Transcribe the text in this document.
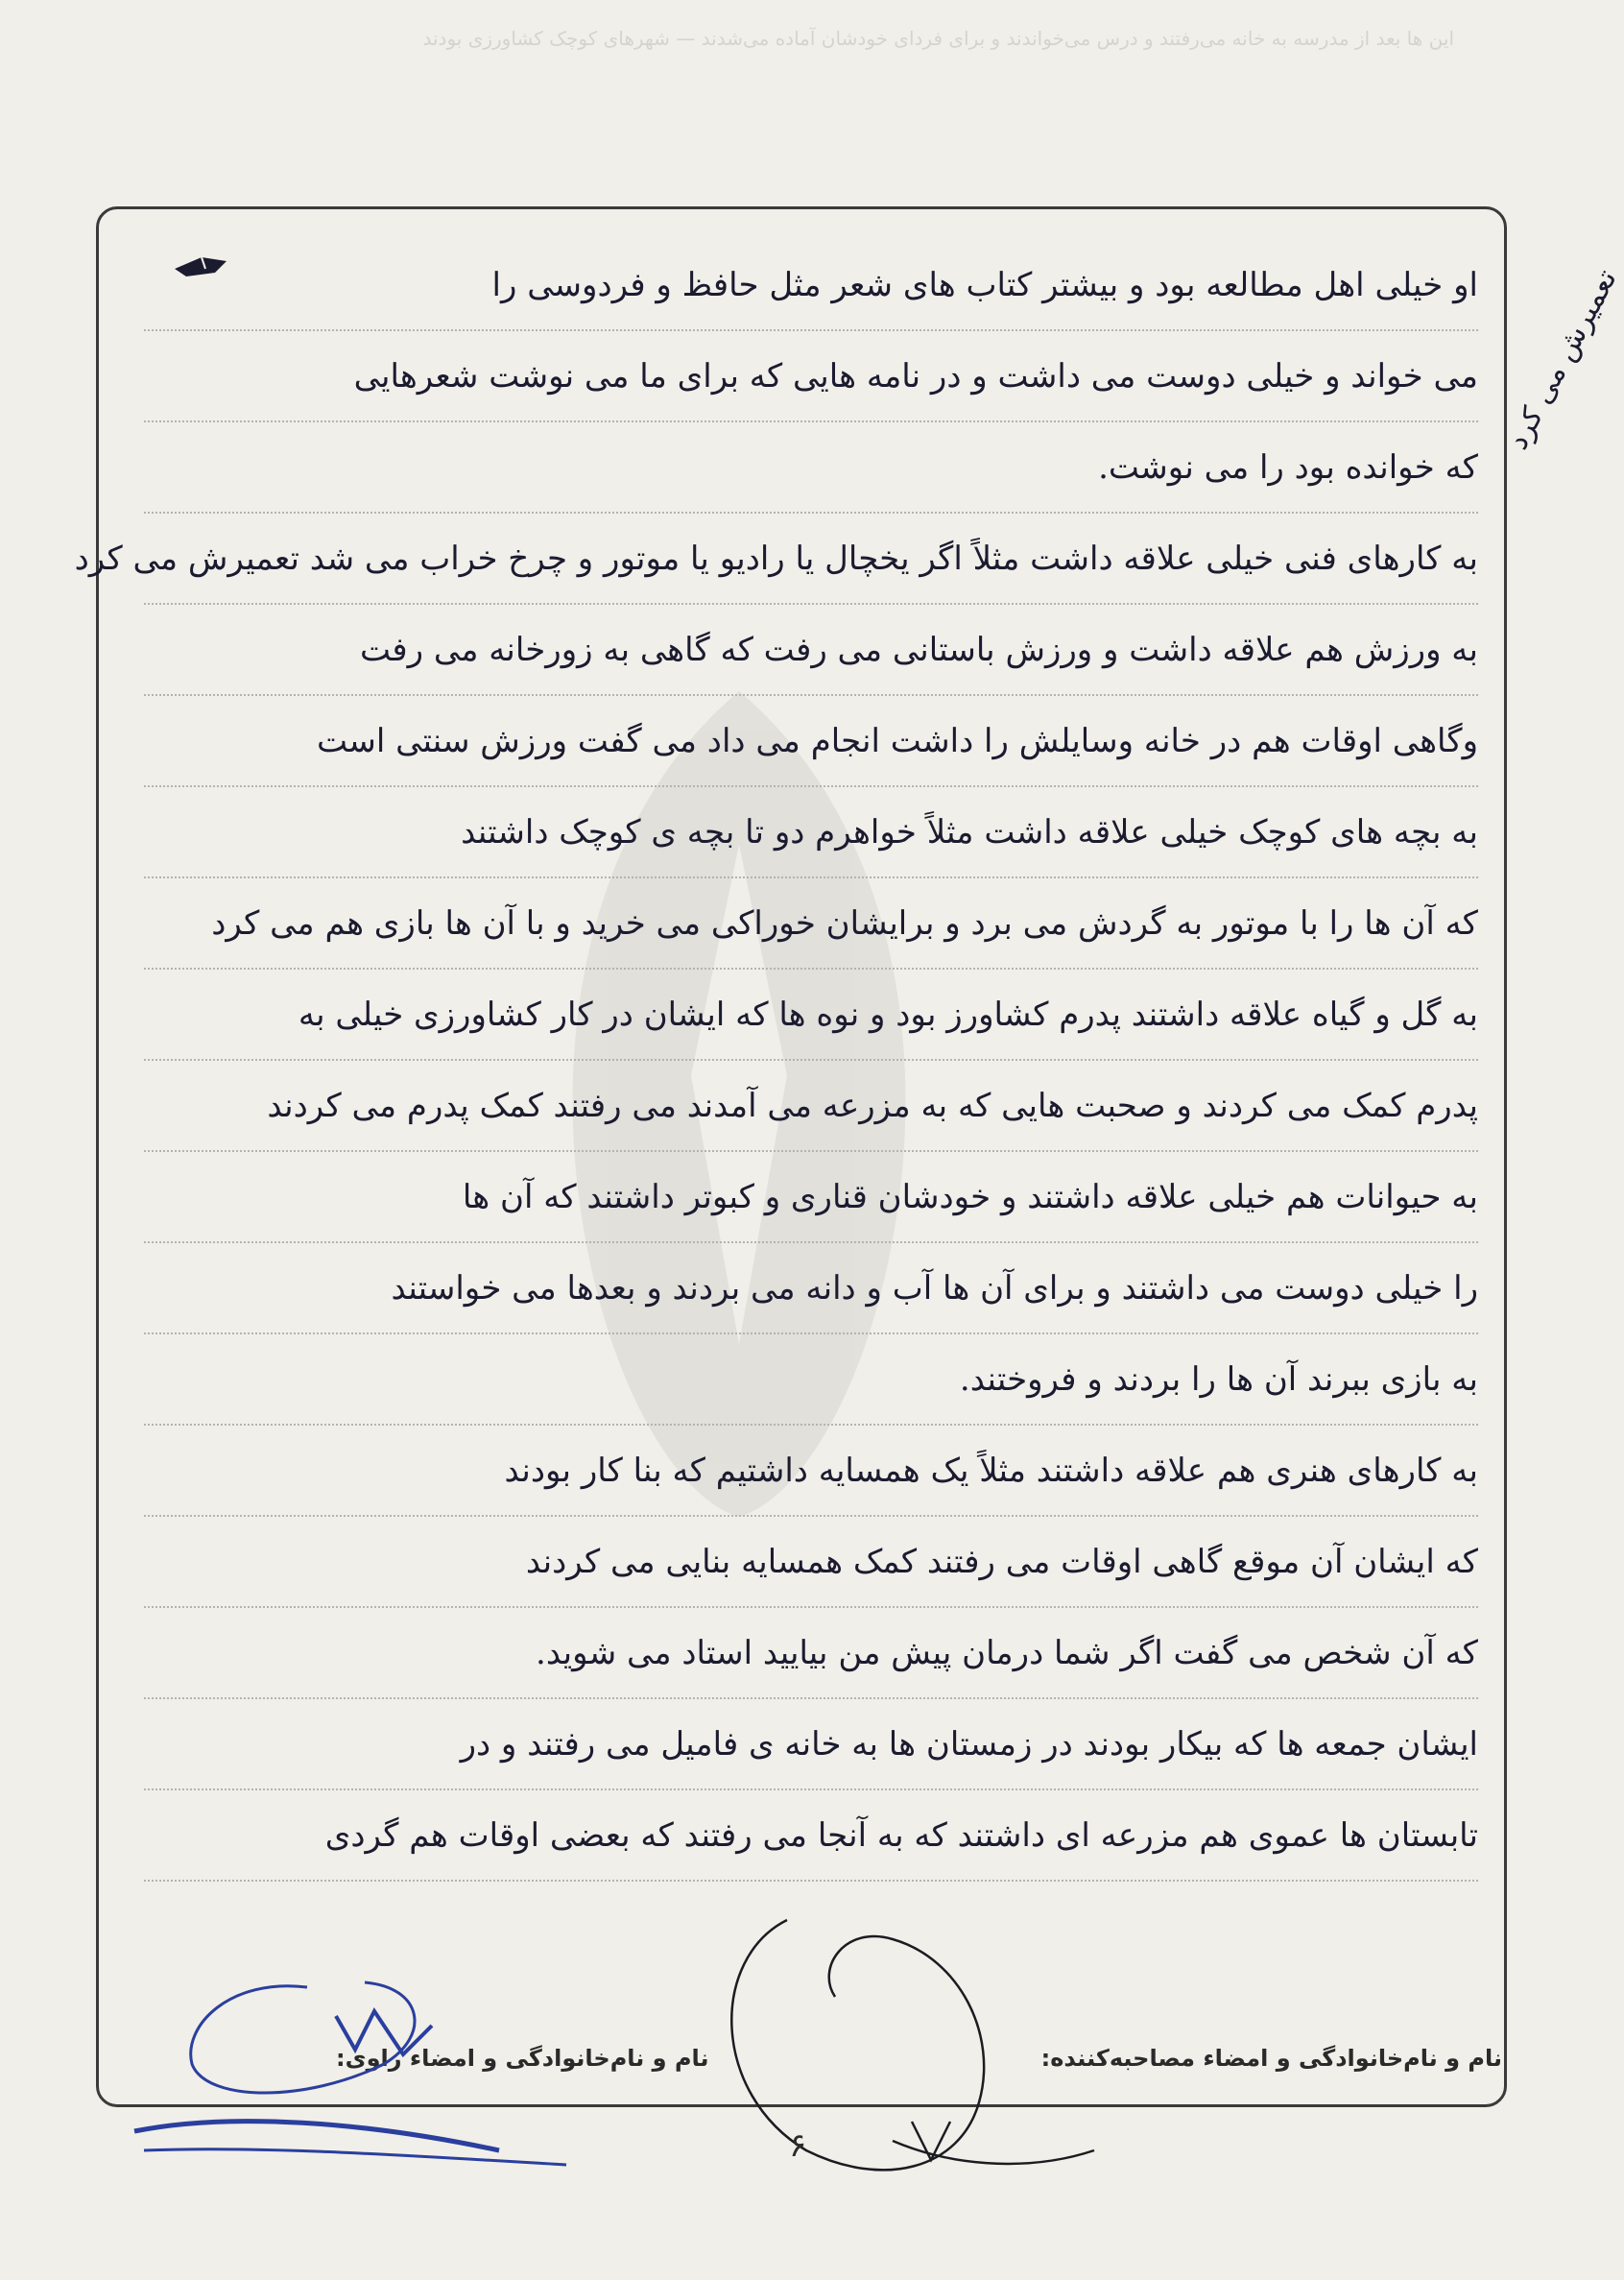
این ها بعد از مدرسه به خانه می‌رفتند و درس می‌خواندند و برای فردای خودشان آماده می‌شدند — شهرهای کوچک کشاورزی بودند
او خیلی اهل مطالعه بود و بیشتر کتاب های شعر مثل حافظ و فردوسی را
می خواند و خیلی دوست می داشت و در نامه هایی که برای ما می نوشت شعرهایی
که خوانده بود را می نوشت.
به کارهای فنی خیلی علاقه داشت مثلاً اگر یخچال یا رادیو یا موتور و چرخ خراب می شد تعمیرش می کرد
به ورزش هم علاقه داشت و ورزش باستانی می رفت که گاهی به زورخانه می رفت
وگاهی اوقات هم در خانه وسایلش را داشت انجام می داد می گفت ورزش سنتی است
به بچه های کوچک خیلی علاقه داشت مثلاً خواهرم دو تا بچه ی کوچک داشتند
که آن ها را با موتور به گردش می برد و برایشان خوراکی می خرید و با آن ها بازی هم می کرد
به گل و گیاه علاقه داشتند پدرم کشاورز بود و نوه ها که ایشان در کار کشاورزی خیلی به
پدرم کمک می کردند و صحبت هایی که به مزرعه می آمدند می رفتند کمک پدرم می کردند
به حیوانات هم خیلی علاقه داشتند و خودشان قناری و کبوتر داشتند که آن ها
را خیلی دوست می داشتند و برای آن ها آب و دانه می بردند و بعدها می خواستند
به بازی ببرند آن ها را بردند و فروختند.
به کارهای هنری هم علاقه داشتند مثلاً یک همسایه داشتیم که بنا کار بودند
که ایشان آن موقع گاهی اوقات می رفتند کمک همسایه بنایی می کردند
که آن شخص می گفت اگر شما درمان پیش من بیایید استاد می شوید.
ایشان جمعه ها که بیکار بودند در زمستان ها به خانه ی فامیل می رفتند و در
تابستان ها عموی هم مزرعه ای داشتند که به آنجا می رفتند که بعضی اوقات هم گردی
تعمیرش می کرد
نام و نام‌خانوادگی و امضاء راوی:	نام و نام‌خانوادگی و امضاء مصاحبه‌کننده:
۶
